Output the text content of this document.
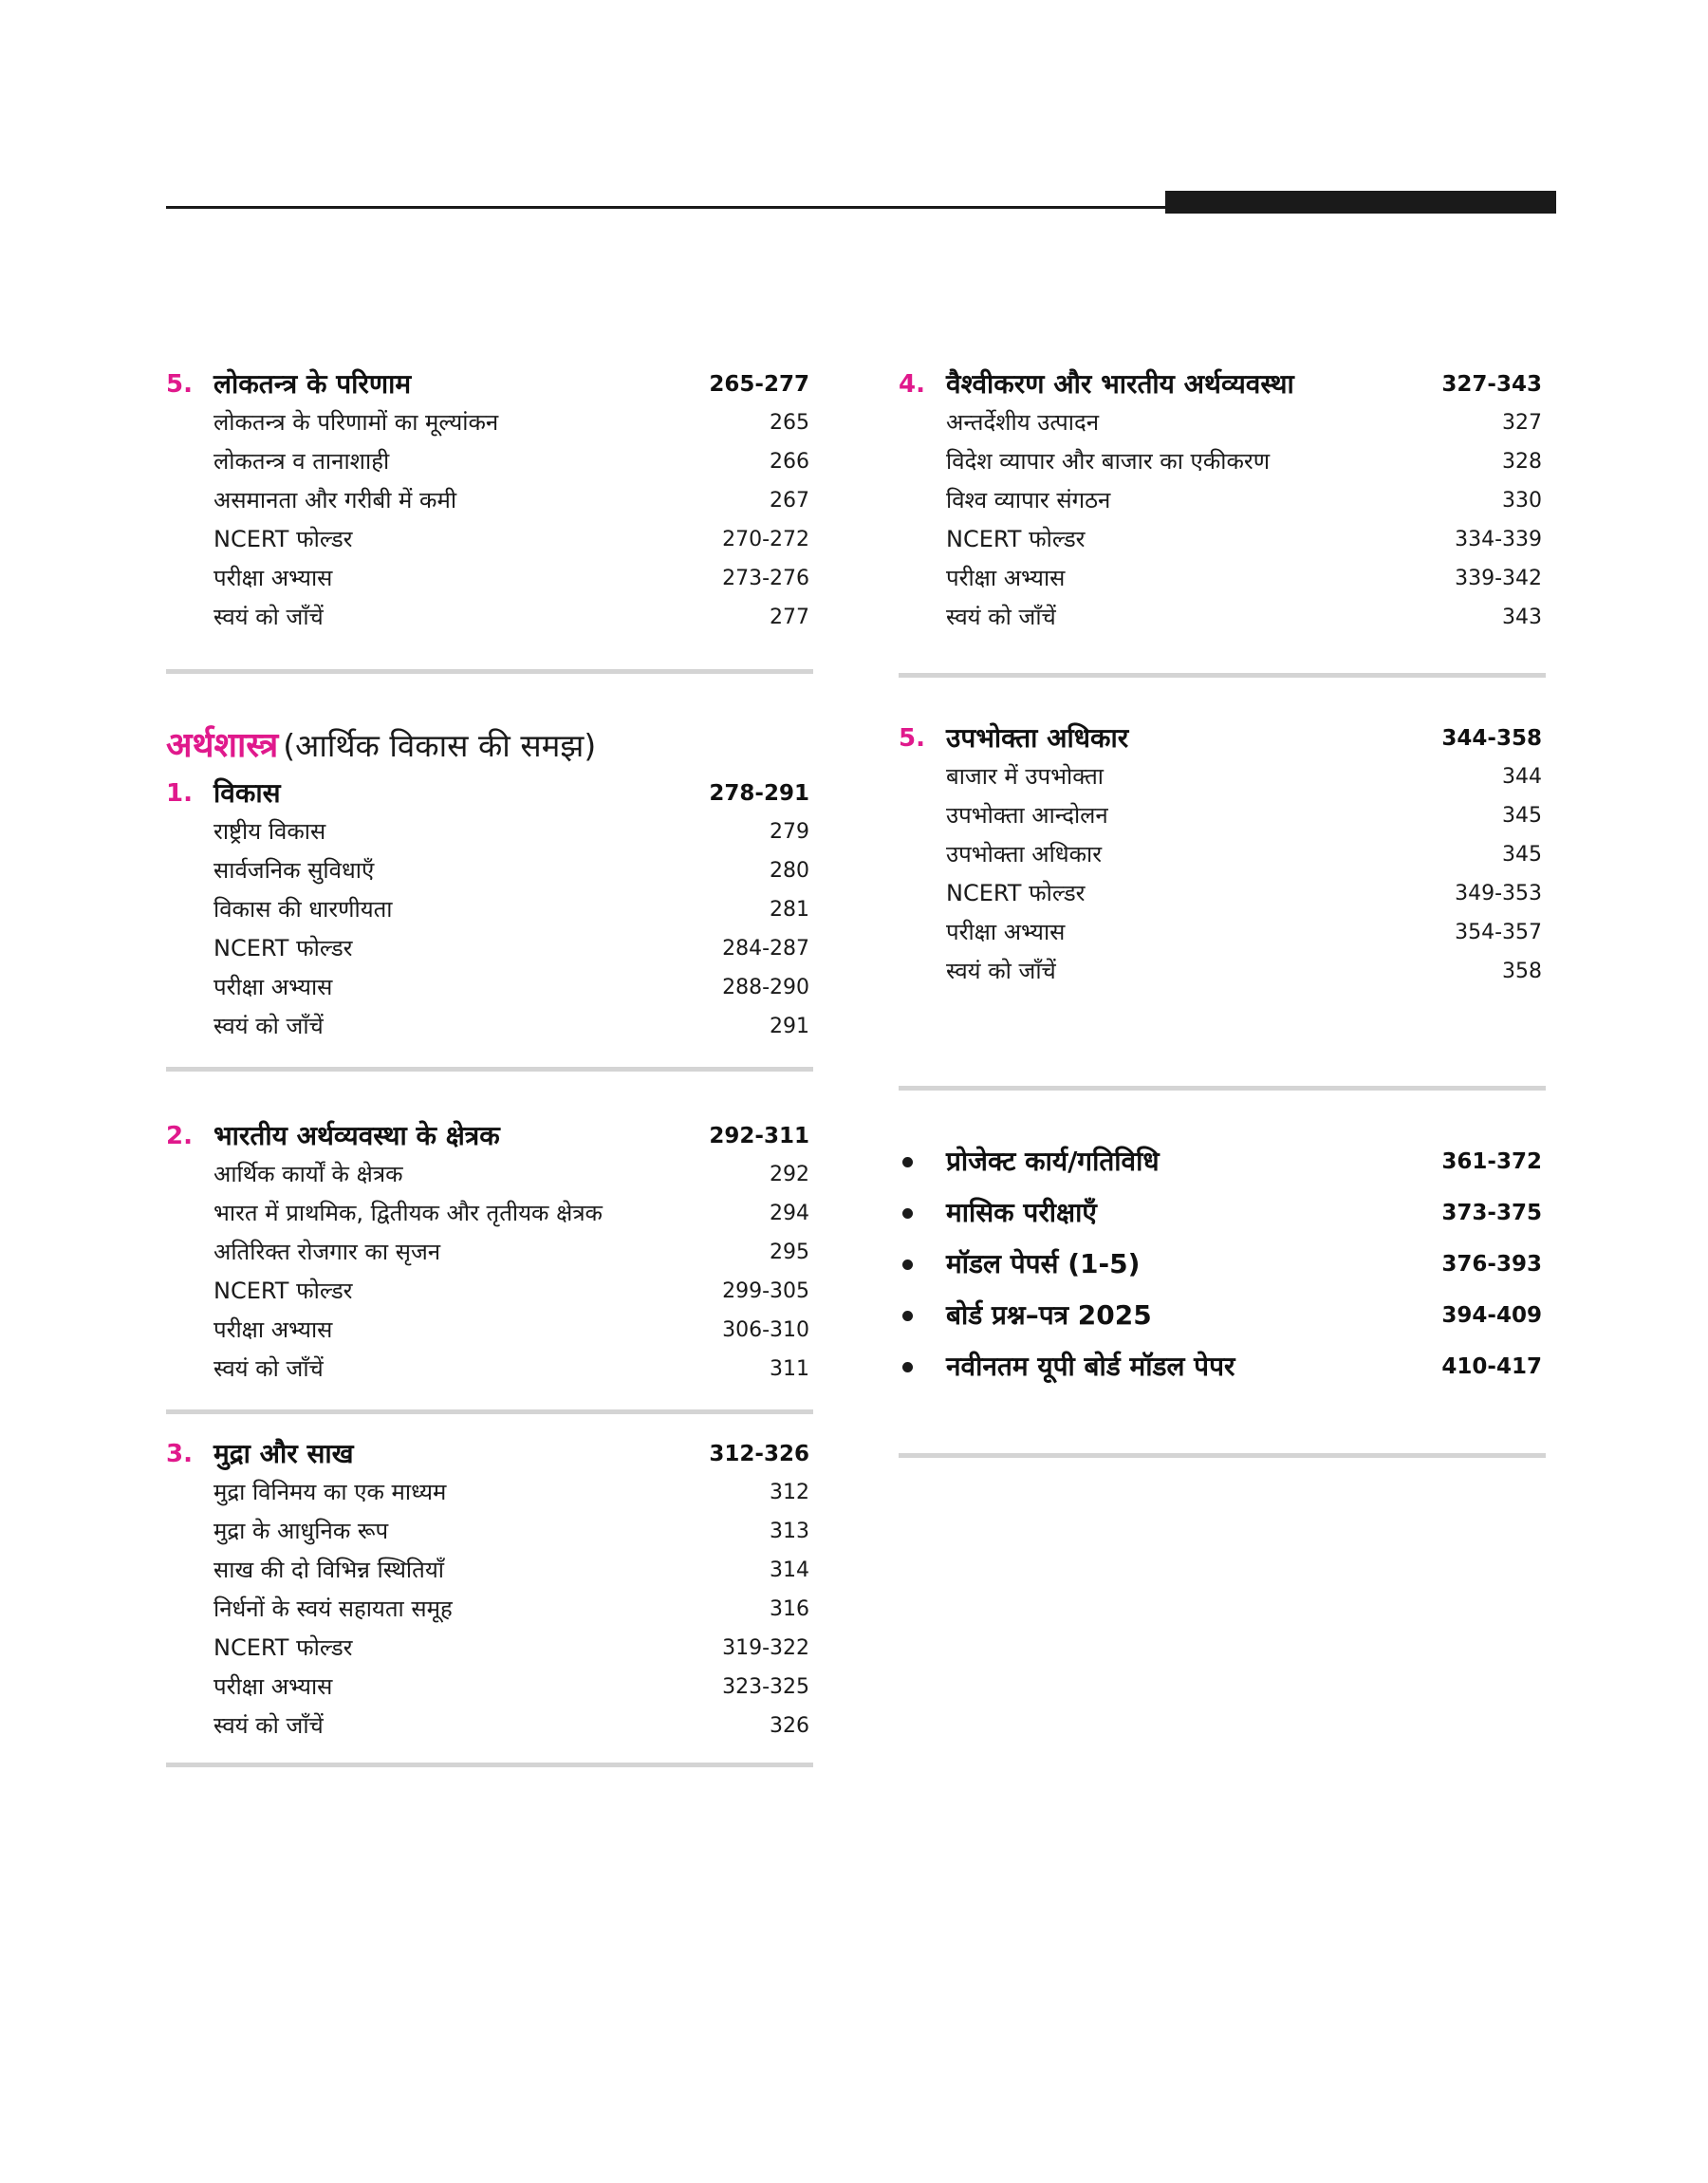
5. लोकतन्त्र के परिणाम	265-277
लोकतन्त्र के परिणामों का मूल्यांकन	265
लोकतन्त्र व तानाशाही	266
असमानता और गरीबी में कमी	267
NCERT फोल्डर	270-272
परीक्षा अभ्यास	273-276
स्वयं को जाँचें	277
अर्थशास्त्र (आर्थिक विकास की समझ)
1. विकास	278-291
राष्ट्रीय विकास	279
सार्वजनिक सुविधाएँ	280
विकास की धारणीयता	281
NCERT फोल्डर	284-287
परीक्षा अभ्यास	288-290
स्वयं को जाँचें	291
2. भारतीय अर्थव्यवस्था के क्षेत्रक	292-311
आर्थिक कार्यों के क्षेत्रक	292
भारत में प्राथमिक, द्वितीयक और तृतीयक क्षेत्रक	294
अतिरिक्त रोजगार का सृजन	295
NCERT फोल्डर	299-305
परीक्षा अभ्यास	306-310
स्वयं को जाँचें	311
3. मुद्रा और साख	312-326
मुद्रा विनिमय का एक माध्यम	312
मुद्रा के आधुनिक रूप	313
साख की दो विभिन्न स्थितियाँ	314
निर्धनों के स्वयं सहायता समूह	316
NCERT फोल्डर	319-322
परीक्षा अभ्यास	323-325
स्वयं को जाँचें	326
4. वैश्वीकरण और भारतीय अर्थव्यवस्था	327-343
अन्तर्देशीय उत्पादन	327
विदेश व्यापार और बाजार का एकीकरण	328
विश्व व्यापार संगठन	330
NCERT फोल्डर	334-339
परीक्षा अभ्यास	339-342
स्वयं को जाँचें	343
5. उपभोक्ता अधिकार	344-358
बाजार में उपभोक्ता	344
उपभोक्ता आन्दोलन	345
उपभोक्ता अधिकार	345
NCERT फोल्डर	349-353
परीक्षा अभ्यास	354-357
स्वयं को जाँचें	358
प्रोजेक्ट कार्य/गतिविधि	361-372
मासिक परीक्षाएँ	373-375
मॉडल पेपर्स (1-5)	376-393
बोर्ड प्रश्न–पत्र 2025	394-409
नवीनतम यूपी बोर्ड मॉडल पेपर	410-417
